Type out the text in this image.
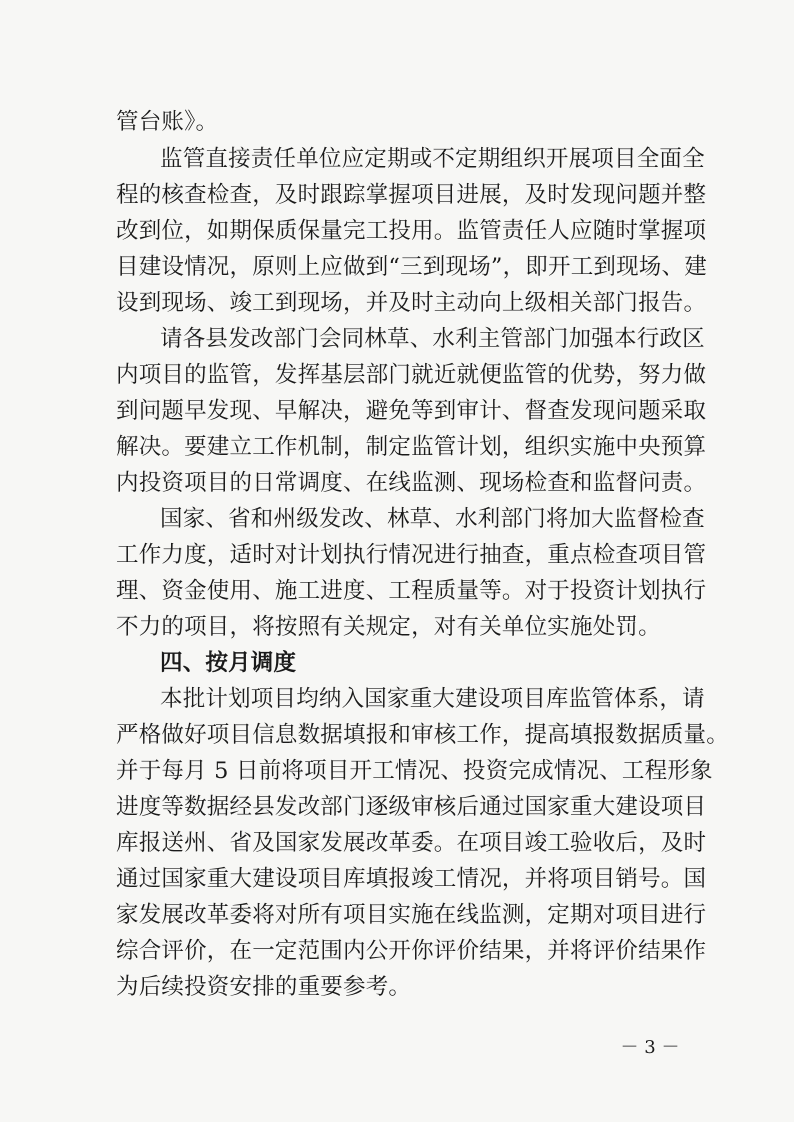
管台账》。
监管直接责任单位应定期或不定期组织开展项目全面全
程的核查检查，及时跟踪掌握项目进展，及时发现问题并整
改到位，如期保质保量完工投用。监管责任人应随时掌握项
目建设情况，原则上应做到“三到现场”，即开工到现场、建
设到现场、竣工到现场，并及时主动向上级相关部门报告。
请各县发改部门会同林草、水利主管部门加强本行政区
内项目的监管，发挥基层部门就近就便监管的优势，努力做
到问题早发现、早解决，避免等到审计、督查发现问题采取
解决。要建立工作机制，制定监管计划，组织实施中央预算
内投资项目的日常调度、在线监测、现场检查和监督问责。
国家、省和州级发改、林草、水利部门将加大监督检查
工作力度，适时对计划执行情况进行抽查，重点检查项目管
理、资金使用、施工进度、工程质量等。对于投资计划执行
不力的项目，将按照有关规定，对有关单位实施处罚。
四、按月调度
本批计划项目均纳入国家重大建设项目库监管体系，请
严格做好项目信息数据填报和审核工作，提高填报数据质量。
并于每月 5 日前将项目开工情况、投资完成情况、工程形象
进度等数据经县发改部门逐级审核后通过国家重大建设项目
库报送州、省及国家发展改革委。在项目竣工验收后，及时
通过国家重大建设项目库填报竣工情况，并将项目销号。国
家发展改革委将对所有项目实施在线监测，定期对项目进行
综合评价，在一定范围内公开你评价结果，并将评价结果作
为后续投资安排的重要参考。
－ 3 －
